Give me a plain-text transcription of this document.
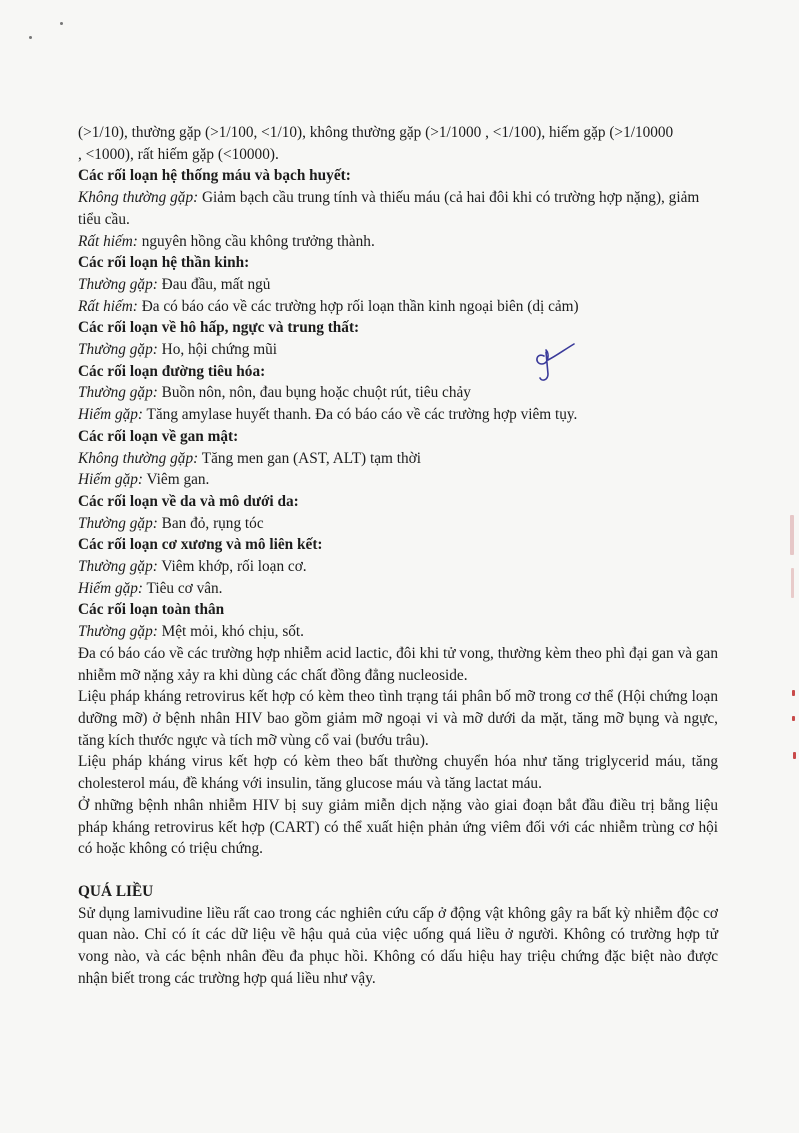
(>1/10), thường gặp (>1/100, <1/10), không thường gặp (>1/1000 , <1/100), hiếm gặp (>1/10000
, <1000), rất hiếm gặp (<10000).
Các rối loạn hệ thống máu và bạch huyết:
Không thường gặp: Giảm bạch cầu trung tính và thiếu máu (cả hai đôi khi có trường hợp nặng), giảm tiểu cầu.
Rất hiếm: nguyên hồng cầu không trưởng thành.
Các rối loạn hệ thần kinh:
Thường gặp: Đau đầu, mất ngủ
Rất hiếm: Đa có báo cáo về các trường hợp rối loạn thần kinh ngoại biên (dị cảm)
Các rối loạn về hô hấp, ngực và trung thất:
Thường gặp: Ho, hội chứng mũi
Các rối loạn đường tiêu hóa:
Thường gặp: Buồn nôn, nôn, đau bụng hoặc chuột rút, tiêu chảy
Hiếm gặp: Tăng amylase huyết thanh. Đa có báo cáo về các trường hợp viêm tụy.
Các rối loạn về gan mật:
Không thường gặp: Tăng men gan (AST, ALT) tạm thời
Hiếm gặp: Viêm gan.
Các rối loạn về da và mô dưới da:
Thường gặp: Ban đỏ, rụng tóc
Các rối loạn cơ xương và mô liên kết:
Thường gặp: Viêm khớp, rối loạn cơ.
Hiếm gặp: Tiêu cơ vân.
Các rối loạn toàn thân
Thường gặp: Mệt mỏi, khó chịu, sốt.
Đa có báo cáo về các trường hợp nhiễm acid lactic, đôi khi tử vong, thường kèm theo phì đại gan và gan nhiễm mỡ nặng xảy ra khi dùng các chất đồng đẳng nucleoside.
Liệu pháp kháng retrovirus kết hợp có kèm theo tình trạng tái phân bố mỡ trong cơ thể (Hội chứng loạn dưỡng mỡ) ở bệnh nhân HIV bao gồm giảm mỡ ngoại vi và mỡ dưới da mặt, tăng mỡ bụng và ngực, tăng kích thước ngực và tích mỡ vùng cổ vai (bướu trâu).
Liệu pháp kháng virus kết hợp có kèm theo bất thường chuyển hóa như tăng triglycerid máu, tăng cholesterol máu, đề kháng với insulin, tăng glucose máu và tăng lactat máu.
Ở những bệnh nhân nhiễm HIV bị suy giảm miễn dịch nặng vào giai đoạn bắt đầu điều trị bằng liệu pháp kháng retrovirus kết hợp (CART) có thể xuất hiện phản ứng viêm đối với các nhiễm trùng cơ hội có hoặc không có triệu chứng.
QUÁ LIỀU
Sử dụng lamivudine liều rất cao trong các nghiên cứu cấp ở động vật không gây ra bất kỳ nhiễm độc cơ quan nào. Chỉ có ít các dữ liệu về hậu quả của việc uống quá liều ở người. Không có trường hợp tử vong nào, và các bệnh nhân đều đa phục hồi. Không có dấu hiệu hay triệu chứng đặc biệt nào được nhận biết trong các trường hợp quá liều như vậy.
